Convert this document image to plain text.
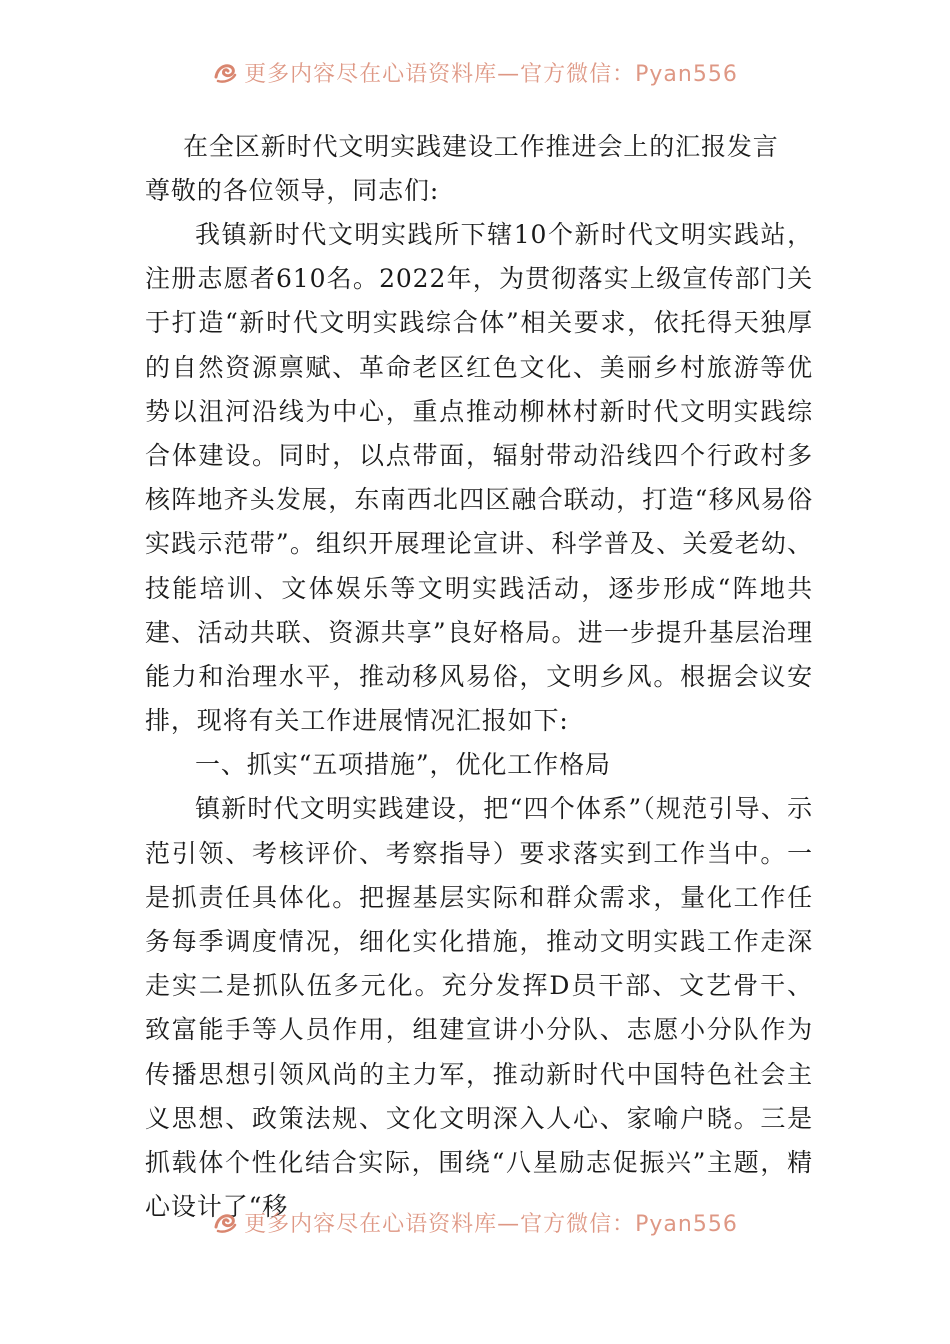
更多内容尽在心语资料库—官方微信：Pyan556
在全区新时代文明实践建设工作推进会上的汇报发言

尊敬的各位领导，同志们:

我镇新时代文明实践所下辖10个新时代文明实践站，注册志愿者610名。2022年，为贯彻落实上级宣传部门关于打造“新时代文明实践综合体”相关要求，依托得天独厚的自然资源禀赋、革命老区红色文化、美丽乡村旅游等优势以沮河沿线为中心，重点推动柳林村新时代文明实践综合体建设。同时，以点带面，辐射带动沿线四个行政村多核阵地齐头发展，东南西北四区融合联动，打造“移风易俗实践示范带”。组织开展理论宣讲、科学普及、关爱老幼、技能培训、文体娱乐等文明实践活动，逐步形成“阵地共建、活动共联、资源共享”良好格局。进一步提升基层治理能力和治理水平，推动移风易俗，文明乡风。根据会议安排，现将有关工作进展情况汇报如下:

一、抓实“五项措施”，优化工作格局

镇新时代文明实践建设，把“四个体系”（规范引导、示范引领、考核评价、考察指导）要求落实到工作当中。一是抓责任具体化。把握基层实际和群众需求，量化工作任务每季调度情况，细化实化措施，推动文明实践工作走深走实二是抓队伍多元化。充分发挥D员干部、文艺骨干、致富能手等人员作用，组建宣讲小分队、志愿小分队作为传播思想引领风尚的主力军，推动新时代中国特色社会主义思想、政策法规、文化文明深入人心、家喻户晓。三是抓载体个性化结合实际，围绕“八星励志促振兴”主题，精心设计了“移

更多内容尽在心语资料库—官方微信：Pyan556
